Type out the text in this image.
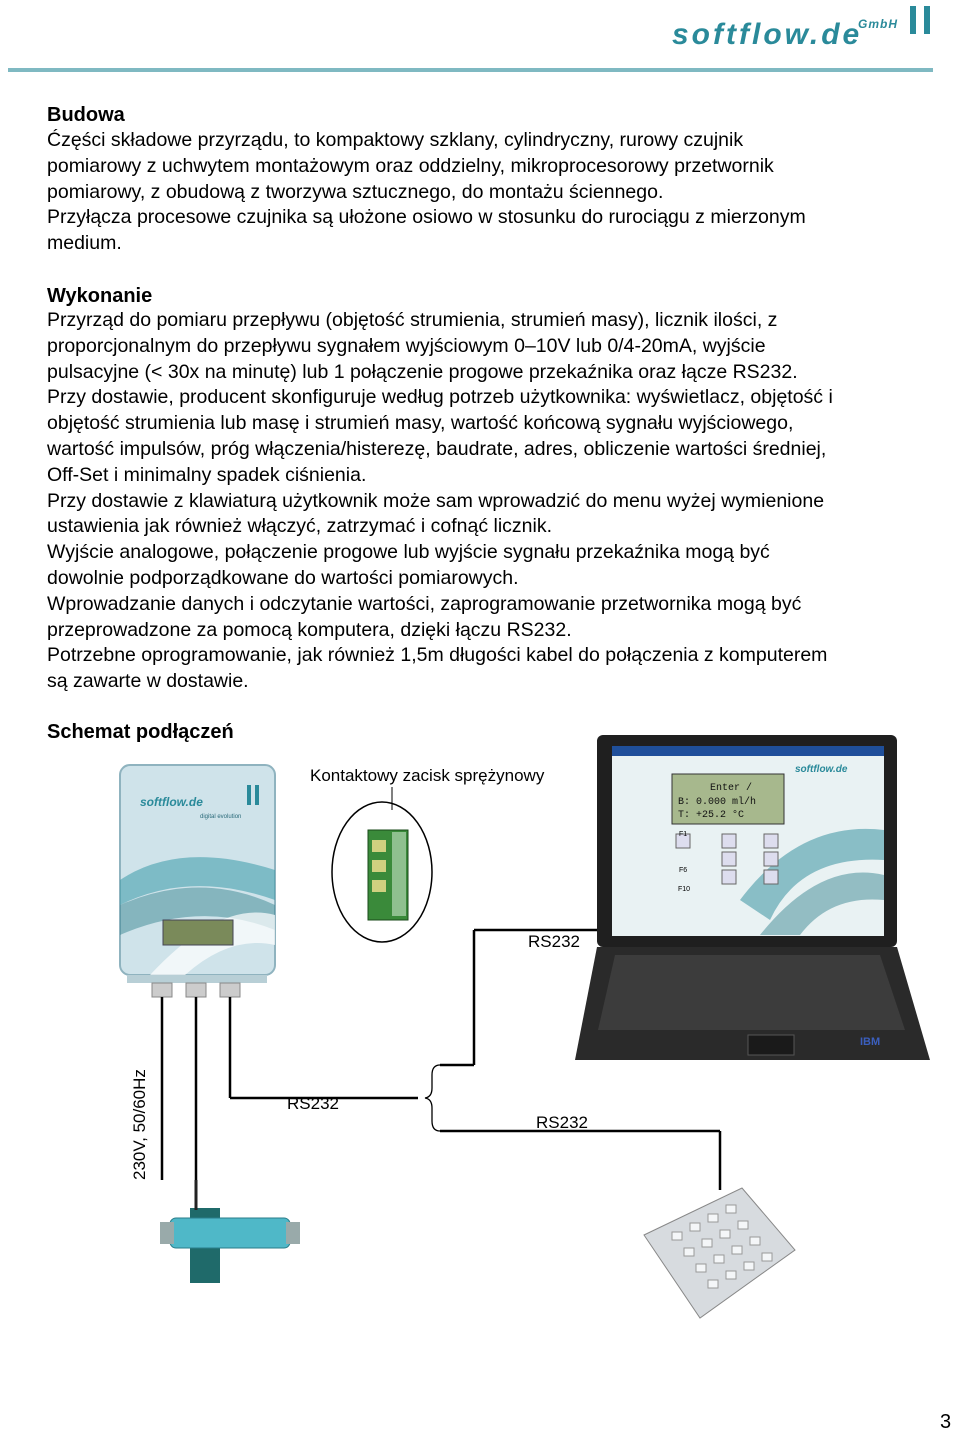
softflow.de
GmbH
Budowa
Ćzęści składowe przyrządu, to kompaktowy szklany, cylindryczny, rurowy czujnik
pomiarowy z uchwytem montażowym oraz oddzielny, mikroprocesorowy przetwornik
pomiarowy, z obudową z tworzywa sztucznego, do montażu ściennego.
Przyłącza procesowe czujnika są ułożone osiowo w stosunku do rurociągu z mierzonym
medium.
Wykonanie
Przyrząd do pomiaru przepływu (objętość strumienia, strumień masy), licznik ilości, z
proporcjonalnym do przepływu sygnałem wyjściowym 0–10V lub 0/4-20mA, wyjście
pulsacyjne (< 30x na minutę) lub 1 połączenie progowe przekaźnika oraz łącze RS232.
Przy dostawie, producent skonfiguruje według potrzeb użytkownika: wyświetlacz, objętość i
objętość strumienia lub masę i strumień masy, wartość końcową sygnału wyjściowego,
wartość impulsów, próg włączenia/histerezę, baudrate, adres, obliczenie wartości średniej,
Off-Set i minimalny spadek ciśnienia.
Przy dostawie z klawiaturą użytkownik może sam wprowadzić do menu wyżej wymienione
ustawienia jak również włączyć, zatrzymać i cofnąć licznik.
Wyjście analogowe, połączenie progowe lub wyjście sygnału przekaźnika mogą być
dowolnie podporządkowane do wartości pomiarowych.
Wprowadzanie danych i odczytanie wartości, zaprogramowanie przetwornika mogą być
przeprowadzone za pomocą komputera, dzięki łączu RS232.
Potrzebne oprogramowanie, jak również 1,5m długości kabel do połączenia z komputerem
są zawarte w dostawie.
Schemat podłączeń
softflow.de
digital evolution
230V, 50/60Hz	RS232
RS232
RS232
Kontaktowy zacisk sprężynowy
Enter /
B: 0.000 ml/h
T: +25.2 °C
softflow.de
F1
F6
F10
IBM
3
